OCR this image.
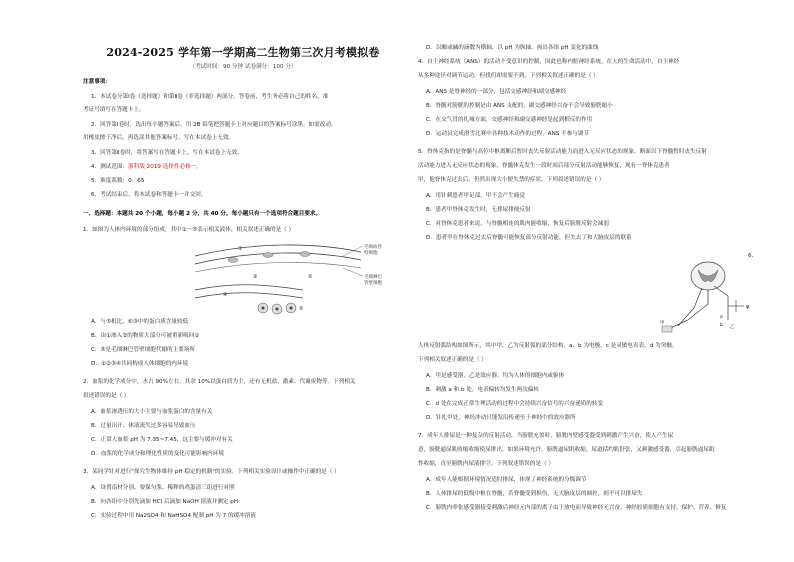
2024-2025 学年第一学期高二生物第三次月考模拟卷
（考试时间：90 分钟 试卷满分：100 分）
注意事项：
1．本试卷分第Ⅰ卷（选择题）和第Ⅱ卷（非选择题）两部分。答卷前，考生务必将自己的姓名、准
考证号填写在答题卡上。
2．回答第Ⅰ卷时，选出每小题答案后，用 2B 铅笔把答题卡上对应题目的答案标号涂黑。如需改动，
用橡皮擦干净后，再选涂其他答案标号。写在本试卷上无效。
3．回答第Ⅱ卷时，将答案写在答题卡上。写在本试卷上无效。
4．测试范围：浙科版 2019 选择性必修一。
5．难度系数：0．65
6．考试结束后，将本试卷和答题卡一并交回。
一、选择题：本题共 20 个小题，每小题 2 分，共 40 分。每小题只有一个选项符合题目要求。
1．如图为人体内环境的部分组成，其中①～⑤表示相关液体，相关叙述正确的是（ ）
毛细血管
壁细胞
毛细淋巴
管壁细胞
①
②
③
④
⑤
A．与⑤相比，⑥③中的蛋白质含量较低
B．由①渗入②的物质大部分可被重新吸回①
C．⑤是毛细淋巴管壁细胞代谢的主要场所
D．①②③④共同构成人体细胞的内环境
2．血浆的化学成分中，水占 90%左右，其余 10%以蛋白质为主，还有无机盐、激素、代谢废物等。下列相关
叙述错误的是（ ）
A．血浆渗透压的大小主要与血浆蛋白的含量有关
B．过量出汗、体液流失过多容易导致血压
C．正常人血浆 pH 为 7.35~7.45，这主要与缓冲对有关
D．血浆的化学成分和理化性质的变化可能影响内环境
3．某同学针对进行"探究生物体维持 pH 稳定的机制"的实验。下列相关实验设计或操作中正确的是（ ）
A．设置南材分别、要保匀浆、稀释的鸡蛋清三组进行对照
B．向各组中分别先滴加 HCl 后滴加 NaOH 溶液并测定 pH
C．实验过程中用 Na2SO4 和 NaHSO4 配制 pH 为 7 的缓冲溶液
D．以酸或碱的滴数为横轴，以 pH 为纵轴，画出各组 pH 变化的曲线
4．自主神经系统（ANS）的活动不受意识的控制，因此也称内脏神经系统。在人的生命活动中，自主神经
从多种途径对调节运动，但找们却需要不到。下列相关叙述正确的是（ ）
A．ANS 是脊神经的一部分，包括交感神经和副交感神经
B．脊髓对膀胱的控制是由 ANS 支配的，副交感神经兴奋不会导致膀胱缩小
C．在交气冒的扎城方面，交感神经和副交感神经是起到相反的作用
D．运动员完成滑雪比赛中各种技术动作的过程，ANS 不参与调节
5．脊休克指的是脊髓与高位中枢离断后暂时丧失反射活动能力而进入无反应状态的现象。断面以下脊髓暂时丧失反射
活动能力进入无反应状态的现象。脊髓休克发生一段时间后部分反射活动能够恢复，现有一脊休克患者
甲，他脊休克过去后，仍然出现大小便失禁的症状。下列叙述错误的是（ ）
A．用针刺患者甲足部，甲不会产生痛觉
B．患者甲脊休克发生时，无排尿排便反射
C．对脊休克患者来说，与脊髓相连的肌肉能收缩，恢复后膀胱反射会减弱
D．患者甲在脊休克过去后脊髓可能恢复部分反射功能，但失去了和大脑皮层的联系
6．
ψ
甲
乙
a
b
人体反射弧结构如图所示，其中甲、乙为反射弧的部分结构，a、b 为电极，c 是灵敏电表表，d 为突触。
下列相关叙述正确的是（ ）
A．甲是感受器，乙是效应器，均为人体的细胞内或躯体
B．刺激 a 和 b 处，电表偏转均发生两次偏转
C．d 处在完成正常生理活动的过程中会持续兴奋信号的兴奋递质的转变
D．针扎甲处，神经冲动只能发沿传递至于神经中的效应器所
7．成年人排尿是一种复杂的反射活动，当膀胱充盈时，膀胱内壁感受器受到刺激产生兴奋，使人产生尿
意，膀胱逼尿肌收缩收缩使尿排出。如果环境允许，膀胱逼尿肌收缩，尿道括约肌舒张，又刺激感受器，引起膀胱逼尿肌
性收缩，直至膀胱内尿液排空。下列叙述错误的是（ ）
A．成年人能根据环境情况适时排尿，体现了神经系统的分级调节
B．人体排尿的低级中枢在脊髓，若脊髓受到损伤，无大脑皮层的调控，则不可以排尿失
C．膀胱内牵张感受器接受刺激后神经元内部的离子由于放电而导致神经元兴奋，神经胶质细胞有支持、保护、营养、修复
